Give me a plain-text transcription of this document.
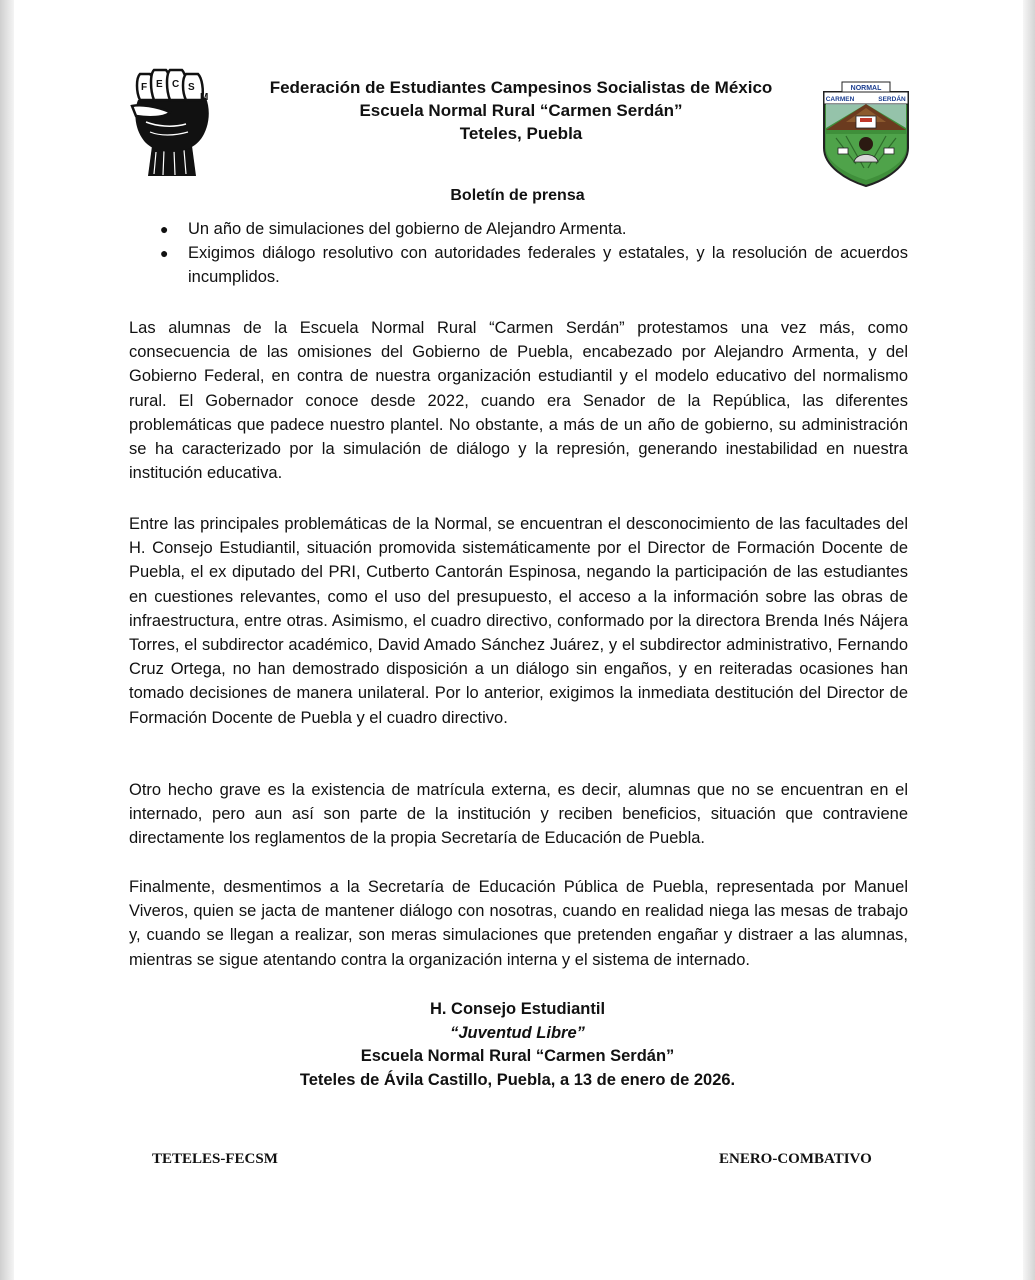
F E C S
M
NORMAL
CARMEN	SERDÁN
Federación de Estudiantes Campesinos Socialistas de México
Escuela Normal Rural “Carmen Serdán”
Teteles, Puebla
Boletín de prensa
● Un año de simulaciones del gobierno de Alejandro Armenta.
● Exigimos diálogo resolutivo con autoridades federales y estatales, y la resolución de acuerdos incumplidos.

Las alumnas de la Escuela Normal Rural “Carmen Serdán” protestamos una vez más, como consecuencia de las omisiones del Gobierno de Puebla, encabezado por Alejandro Armenta, y del Gobierno Federal, en contra de nuestra organización estudiantil y el modelo educativo del normalismo rural. El Gobernador conoce desde 2022, cuando era Senador de la República, las diferentes problemáticas que padece nuestro plantel. No obstante, a más de un año de gobierno, su administración se ha caracterizado por la simulación de diálogo y la represión, generando inestabilidad en nuestra institución educativa.

Entre las principales problemáticas de la Normal, se encuentran el desconocimiento de las facultades del H. Consejo Estudiantil, situación promovida sistemáticamente por el Director de Formación Docente de Puebla, el ex diputado del PRI, Cutberto Cantorán Espinosa, negando la participación de las estudiantes en cuestiones relevantes, como el uso del presupuesto, el acceso a la información sobre las obras de infraestructura, entre otras. Asimismo, el cuadro directivo, conformado por la directora Brenda Inés Nájera Torres, el subdirector académico, David Amado Sánchez Juárez, y el subdirector administrativo, Fernando Cruz Ortega, no han demostrado disposición a un diálogo sin engaños, y en reiteradas ocasiones han tomado decisiones de manera unilateral. Por lo anterior, exigimos la inmediata destitución del Director de Formación Docente de Puebla y el cuadro directivo.

Otro hecho grave es la existencia de matrícula externa, es decir, alumnas que no se encuentran en el internado, pero aun así son parte de la institución y reciben beneficios, situación que contraviene directamente los reglamentos de la propia Secretaría de Educación de Puebla.

Finalmente, desmentimos a la Secretaría de Educación Pública de Puebla, representada por Manuel Viveros, quien se jacta de mantener diálogo con nosotras, cuando en realidad niega las mesas de trabajo y, cuando se llegan a realizar, son meras simulaciones que pretenden engañar y distraer a las alumnas, mientras se sigue atentando contra la organización interna y el sistema de internado.

H. Consejo Estudiantil
“Juventud Libre”
Escuela Normal Rural “Carmen Serdán”
Teteles de Ávila Castillo, Puebla, a 13 de enero de 2026.
TETELES-FECSM	ENERO-COMBATIVO
